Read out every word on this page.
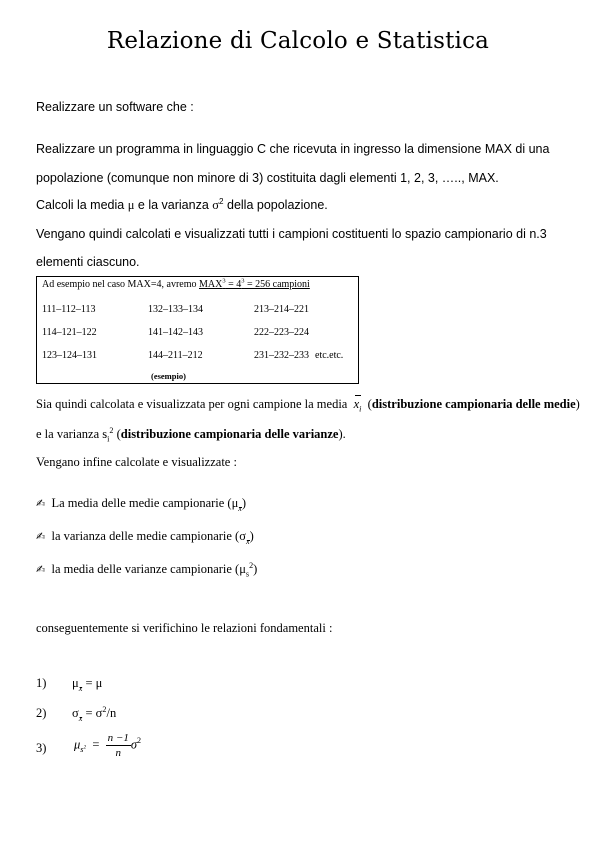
Relazione di Calcolo e Statistica
Realizzare un software che :
Realizzare un programma in linguaggio C che ricevuta in ingresso la dimensione MAX di una
popolazione (comunque non minore di 3) costituita dagli elementi 1, 2, 3, ….., MAX.
Calcoli la media μ e la varianza $\sigma^2$ della popolazione.
Vengano quindi calcolati e visualizzati tutti i campioni costituenti lo spazio campionario di n.3
elementi ciascuno.
Ad esempio nel caso MAX=4, avremo $MAX^3 = 4^3 = 256$ campioni
111–112–113	132–133–134	213–214–221
114–121–122	141–142–143	222–223–224
123–124–131	144–211–212	231–232–233 etc.etc.
(esempio)
Sia quindi calcolata e visualizzata per ogni campione la media  $x_i$  (distribuzione campionaria delle medie)
e la varianza $s_i^2$ (distribuzione campionaria delle varianze).
Vengano infine calcolate e visualizzate :
✍ La media delle medie campionarie $(\mu_x)$
✍ la varianza delle medie campionarie $(\sigma_x)$
✍ la media delle varianze campionarie $(\mu_s^2)$
conseguentemente si verifichino le relazioni fondamentali :
1) $\mu_x = \mu$
2) $\sigma_x = \sigma^2/n$
3) $\mu_{s^2} = \frac{n -1}{n} \sigma^2$
